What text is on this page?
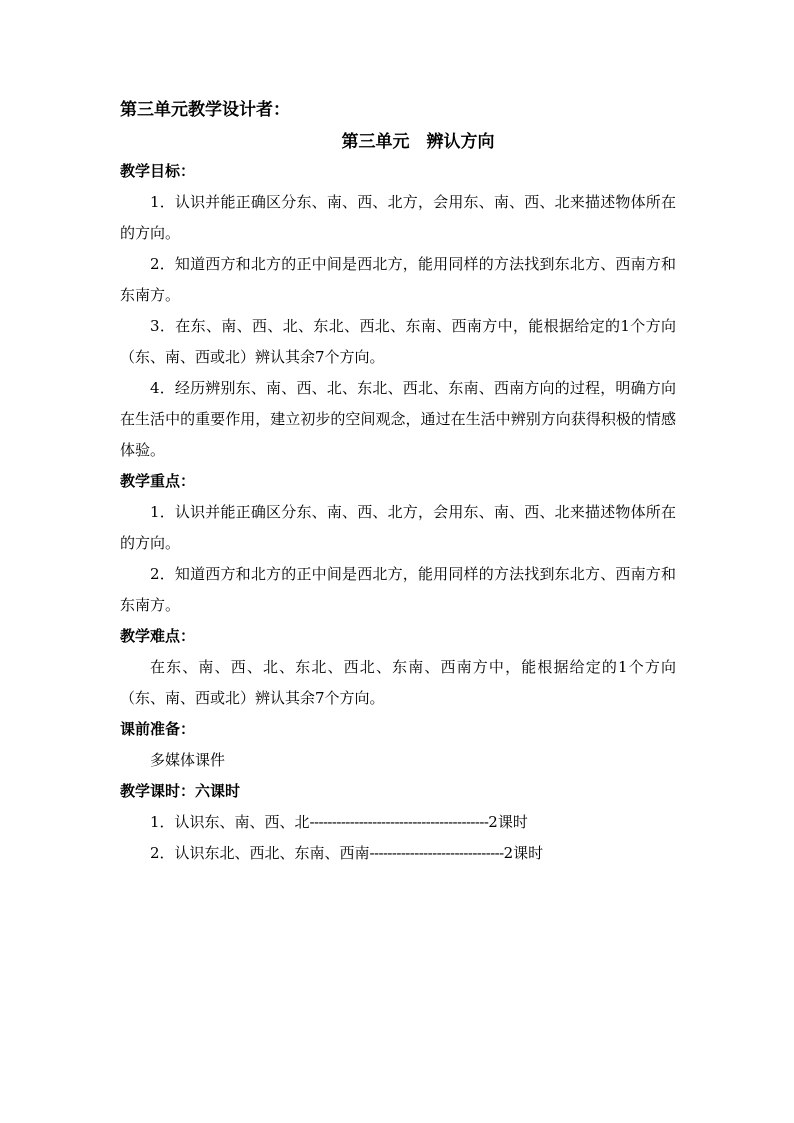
第三单元教学设计者：

第三单元　辨认方向

教学目标：

1．认识并能正确区分东、南、西、北方，会用东、南、西、北来描述物体所在的方向。

2．知道西方和北方的正中间是西北方，能用同样的方法找到东北方、西南方和东南方。

3．在东、南、西、北、东北、西北、东南、西南方中，能根据给定的1个方向（东、南、西或北）辨认其余7个方向。

4．经历辨别东、南、西、北、东北、西北、东南、西南方向的过程，明确方向在生活中的重要作用，建立初步的空间观念，通过在生活中辨别方向获得积极的情感体验。

教学重点：

1．认识并能正确区分东、南、西、北方，会用东、南、西、北来描述物体所在的方向。

2．知道西方和北方的正中间是西北方，能用同样的方法找到东北方、西南方和东南方。

教学难点：

在东、南、西、北、东北、西北、东南、西南方中，能根据给定的1个方向（东、南、西或北）辨认其余7个方向。

课前准备：

多媒体课件

教学课时：六课时

1．认识东、南、西、北----------------------------------------2课时

2．认识东北、西北、东南、西南------------------------------2课时
